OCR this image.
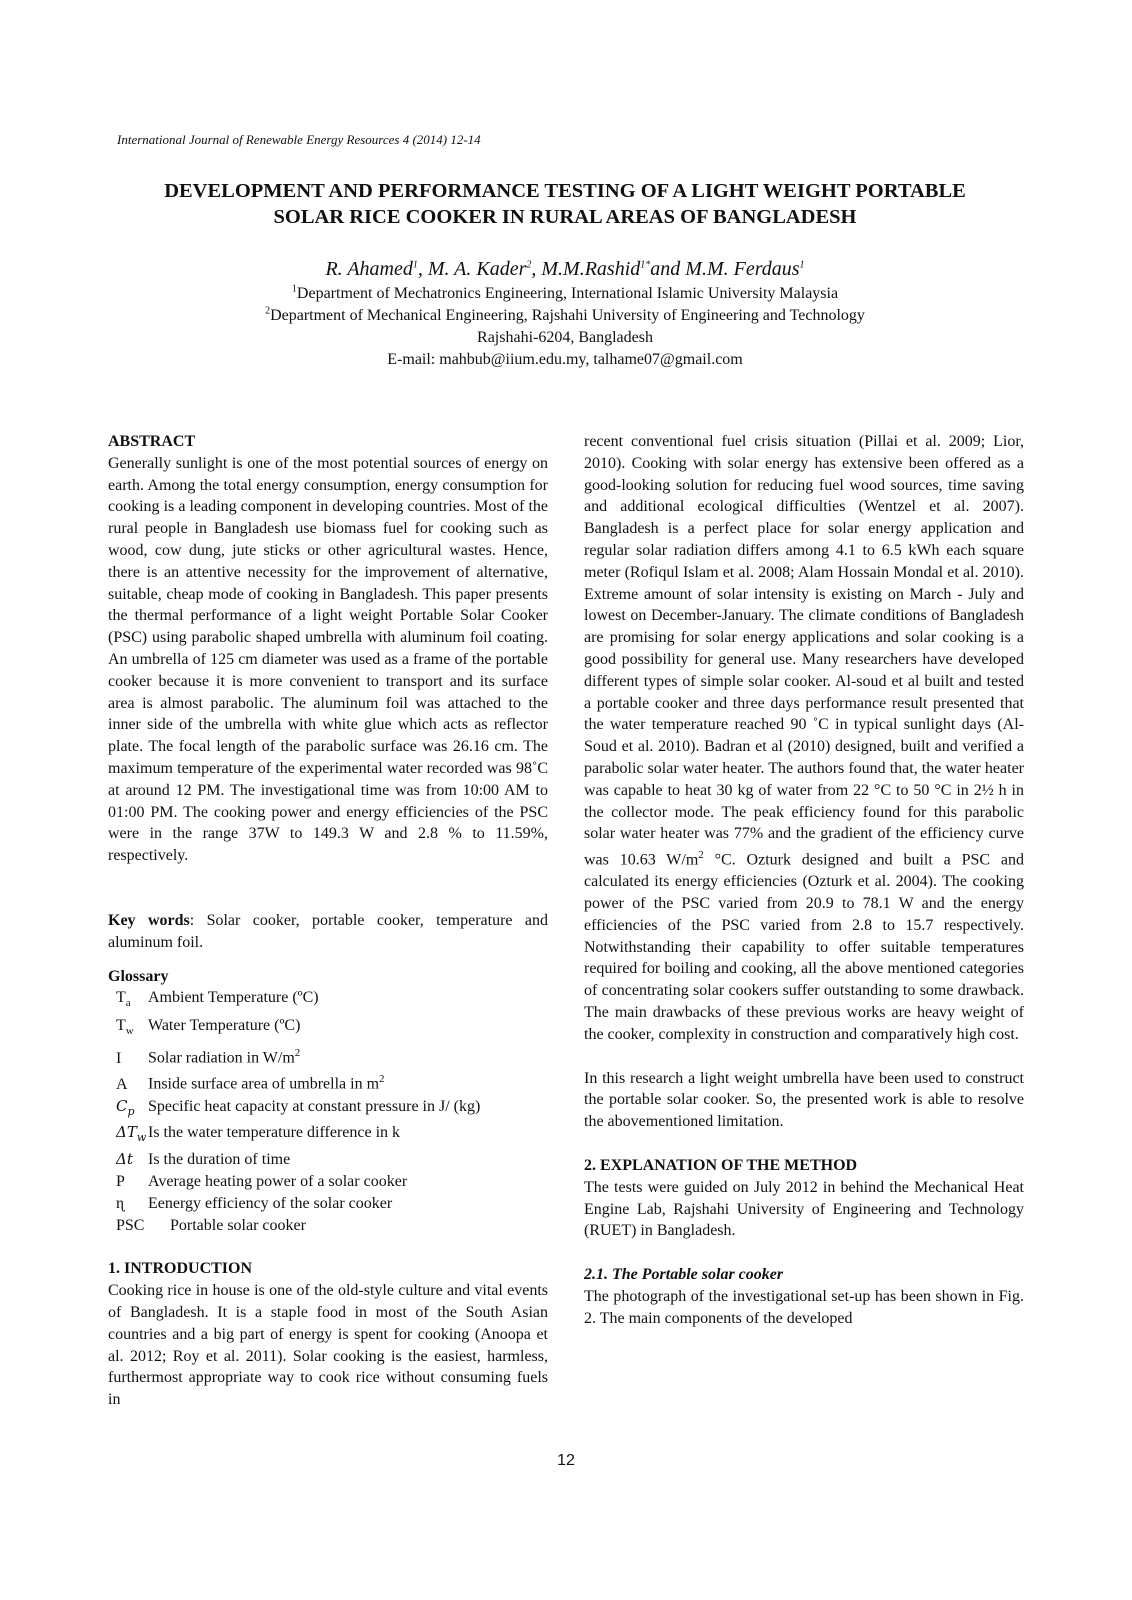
International Journal of Renewable Energy Resources 4 (2014) 12-14
DEVELOPMENT AND PERFORMANCE TESTING OF A LIGHT WEIGHT PORTABLE
SOLAR RICE COOKER IN RURAL AREAS OF BANGLADESH
R. Ahamed$^1$, M. A. Kader$^2$, M.M.Rashid$^{1*}$and M.M. Ferdaus$^1$
$^1$Department of Mechatronics Engineering, International Islamic University Malaysia
$^2$Department of Mechanical Engineering, Rajshahi University of Engineering and Technology
Rajshahi-6204, Bangladesh
E-mail: mahbub@iium.edu.my, talhame07@gmail.com
ABSTRACT

Generally sunlight is one of the most potential sources of energy on earth. Among the total energy consumption, energy consumption for cooking is a leading component in developing countries. Most of the rural people in Bangladesh use biomass fuel for cooking such as wood, cow dung, jute sticks or other agricultural wastes. Hence, there is an attentive necessity for the improvement of alternative, suitable, cheap mode of cooking in Bangladesh. This paper presents the thermal performance of a light weight Portable Solar Cooker (PSC) using parabolic shaped umbrella with aluminum foil coating. An umbrella of 125 cm diameter was used as a frame of the portable cooker because it is more convenient to transport and its surface area is almost parabolic. The aluminum foil was attached to the inner side of the umbrella with white glue which acts as reflector plate. The focal length of the parabolic surface was 26.16 cm. The maximum temperature of the experimental water recorded was 98˚C at around 12 PM. The investigational time was from 10:00 AM to 01:00 PM. The cooking power and energy efficiencies of the PSC were in the range 37W to 149.3 W and 2.8 % to 11.59%, respectively.

Key words: Solar cooker, portable cooker, temperature and aluminum foil.

Glossary
$T_a$	Ambient Temperature (ºC)
$T_w$ Water Temperature (ºC)
I	Solar radiation in $W/m^2$
A	Inside surface area of umbrella in $m^2$
𝐶$_𝑝$ Specific heat capacity at constant pressure in J/ (kg)
Δ𝑇$_𝑤$ Is the water temperature difference in k
Δ𝑡 Is the duration of time
P	Average heating power of a solar cooker
ɳ	Eenergy efficiency of the solar cooker
PSC	Portable solar cooker
1. INTRODUCTION

Cooking rice in house is one of the old-style culture and vital events of Bangladesh. It is a staple food in most of the South Asian countries and a big part of energy is spent for cooking (Anoopa et al. 2012; Roy et al. 2011). Solar cooking is the easiest, harmless, furthermost appropriate way to cook rice without consuming fuels in

recent conventional fuel crisis situation (Pillai et al. 2009; Lior, 2010). Cooking with solar energy has extensive been offered as a good-looking solution for reducing fuel wood sources, time saving and additional ecological difficulties (Wentzel et al. 2007). Bangladesh is a perfect place for solar energy application and regular solar radiation differs among 4.1 to 6.5 kWh each square meter (Rofiqul Islam et al. 2008; Alam Hossain Mondal et al. 2010). Extreme amount of solar intensity is existing on March - July and lowest on December-January. The climate conditions of Bangladesh are promising for solar energy applications and solar cooking is a good possibility for general use. Many researchers have developed different types of simple solar cooker. Al-soud et al built and tested a portable cooker and three days performance result presented that the water temperature reached 90 ˚C in typical sunlight days (Al-Soud et al. 2010). Badran et al (2010) designed, built and verified a parabolic solar water heater. The authors found that, the water heater was capable to heat 30 kg of water from 22 °C to 50 °C in 2½ h in the collector mode. The peak efficiency found for this parabolic solar water heater was 77% and the gradient of the efficiency curve was 10.63 $W/m^2$ °C. Ozturk designed and built a PSC and calculated its energy efficiencies (Ozturk et al. 2004). The cooking power of the PSC varied from 20.9 to 78.1 W and the energy efficiencies of the PSC varied from 2.8 to 15.7 respectively. Notwithstanding their capability to offer suitable temperatures required for boiling and cooking, all the above mentioned categories of concentrating solar cookers suffer outstanding to some drawback. The main drawbacks of these previous works are heavy weight of the cooker, complexity in construction and comparatively high cost.

In this research a light weight umbrella have been used to construct the portable solar cooker. So, the presented work is able to resolve the abovementioned limitation.

2. EXPLANATION OF THE METHOD

The tests were guided on July 2012 in behind the Mechanical Heat Engine Lab, Rajshahi University of Engineering and Technology (RUET) in Bangladesh.

2.1. The Portable solar cooker

The photograph of the investigational set-up has been shown in Fig. 2. The main components of the developed

12
